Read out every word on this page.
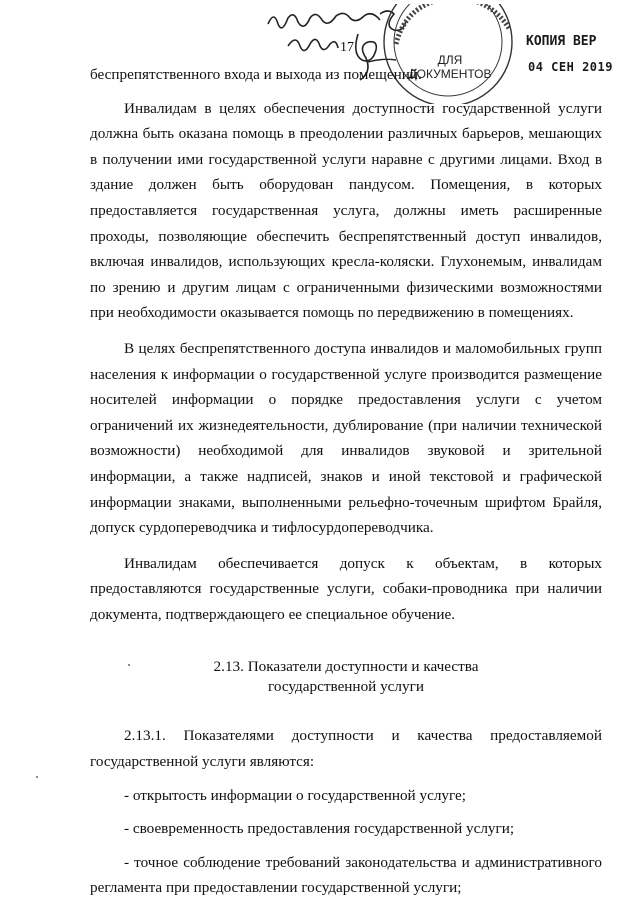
17
ДЛЯ
ДОКУМЕНТОВ
КОПИЯ ВЕР
04 СЕН 2019

беспрепятственного входа и выхода из помещений.

Инвалидам в целях обеспечения доступности государственной услуги должна быть оказана помощь в преодолении различных барьеров, мешающих в получении ими государственной услуги наравне с другими лицами. Вход в здание должен быть оборудован пандусом. Помещения, в которых предоставляется государственная услуга, должны иметь расширенные проходы, позволяющие обеспечить беспрепятственный доступ инвалидов, включая инвалидов, использующих кресла-коляски. Глухонемым, инвалидам по зрению и другим лицам с ограниченными физическими возможностями при необходимости оказывается помощь по передвижению в помещениях.

В целях беспрепятственного доступа инвалидов и маломобильных групп населения к информации о государственной услуге производится размещение носителей информации о порядке предоставления услуги с учетом ограничений их жизнедеятельности, дублирование (при наличии технической возможности) необходимой для инвалидов звуковой и зрительной информации, а также надписей, знаков и иной текстовой и графической информации знаками, выполненными рельефно-точечным шрифтом Брайля, допуск сурдопереводчика и тифлосурдопереводчика.

Инвалидам обеспечивается допуск к объектам, в которых предоставляются государственные услуги, собаки-проводника при наличии документа, подтверждающего ее специальное обучение.

2.13. Показатели доступности и качества
государственной услуги

2.13.1. Показателями доступности и качества предоставляемой государственной услуги являются:

- открытость информации о государственной услуге;

- своевременность предоставления государственной услуги;

- точное соблюдение требований законодательства и административного регламента при предоставлении государственной услуги;
